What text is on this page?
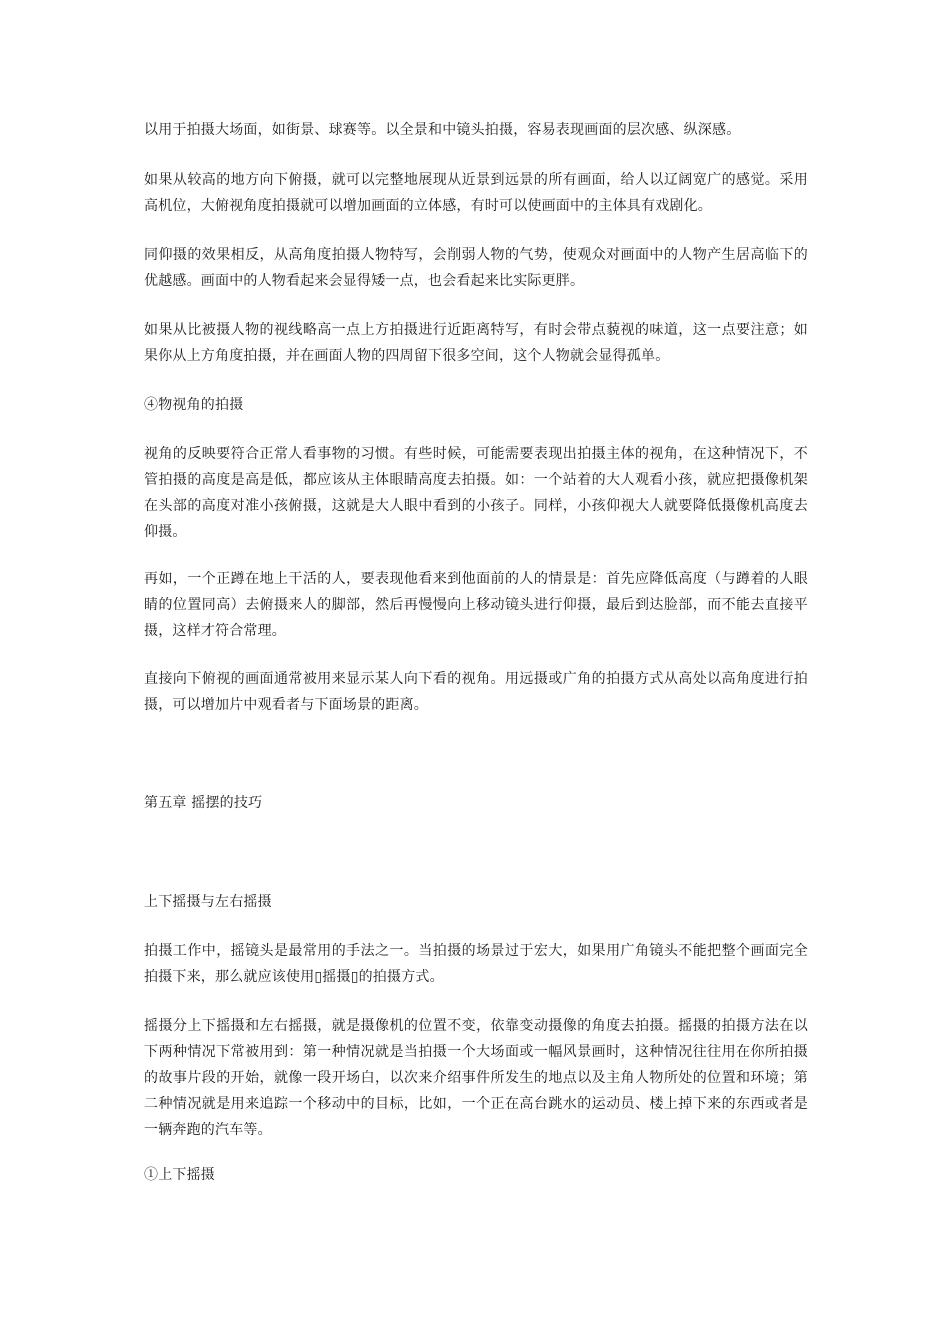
以用于拍摄大场面，如街景、球赛等。以全景和中镜头拍摄，容易表现画面的层次感、纵深感。

如果从较高的地方向下俯摄，就可以完整地展现从近景到远景的所有画面，给人以辽阔宽广的感觉。采用高机位，大俯视角度拍摄就可以增加画面的立体感，有时可以使画面中的主体具有戏剧化。

同仰摄的效果相反，从高角度拍摄人物特写，会削弱人物的气势，使观众对画面中的人物产生居高临下的优越感。画面中的人物看起来会显得矮一点，也会看起来比实际更胖。

如果从比被摄人物的视线略高一点上方拍摄进行近距离特写，有时会带点藐视的味道，这一点要注意；如果你从上方角度拍摄，并在画面人物的四周留下很多空间，这个人物就会显得孤单。

④物视角的拍摄

视角的反映要符合正常人看事物的习惯。有些时候，可能需要表现出拍摄主体的视角，在这种情况下，不管拍摄的高度是高是低，都应该从主体眼睛高度去拍摄。如：一个站着的大人观看小孩，就应把摄像机架在头部的高度对准小孩俯摄，这就是大人眼中看到的小孩子。同样，小孩仰视大人就要降低摄像机高度去仰摄。

再如，一个正蹲在地上干活的人，要表现他看来到他面前的人的情景是：首先应降低高度（与蹲着的人眼睛的位置同高）去俯摄来人的脚部，然后再慢慢向上移动镜头进行仰摄，最后到达脸部，而不能去直接平摄，这样才符合常理。

直接向下俯视的画面通常被用来显示某人向下看的视角。用远摄或广角的拍摄方式从高处以高角度进行拍摄，可以增加片中观看者与下面场景的距离。

第五章 摇摆的技巧

上下摇摄与左右摇摄

拍摄工作中，摇镜头是最常用的手法之一。当拍摄的场景过于宏大，如果用广角镜头不能把整个画面完全拍摄下来，那么就应该使用▯摇摄▯的拍摄方式。

摇摄分上下摇摄和左右摇摄，就是摄像机的位置不变，依靠变动摄像的角度去拍摄。摇摄的拍摄方法在以下两种情况下常被用到：第一种情况就是当拍摄一个大场面或一幅风景画时，这种情况往往用在你所拍摄的故事片段的开始，就像一段开场白，以次来介绍事件所发生的地点以及主角人物所处的位置和环境；第二种情况就是用来追踪一个移动中的目标，比如，一个正在高台跳水的运动员、楼上掉下来的东西或者是一辆奔跑的汽车等。

①上下摇摄
